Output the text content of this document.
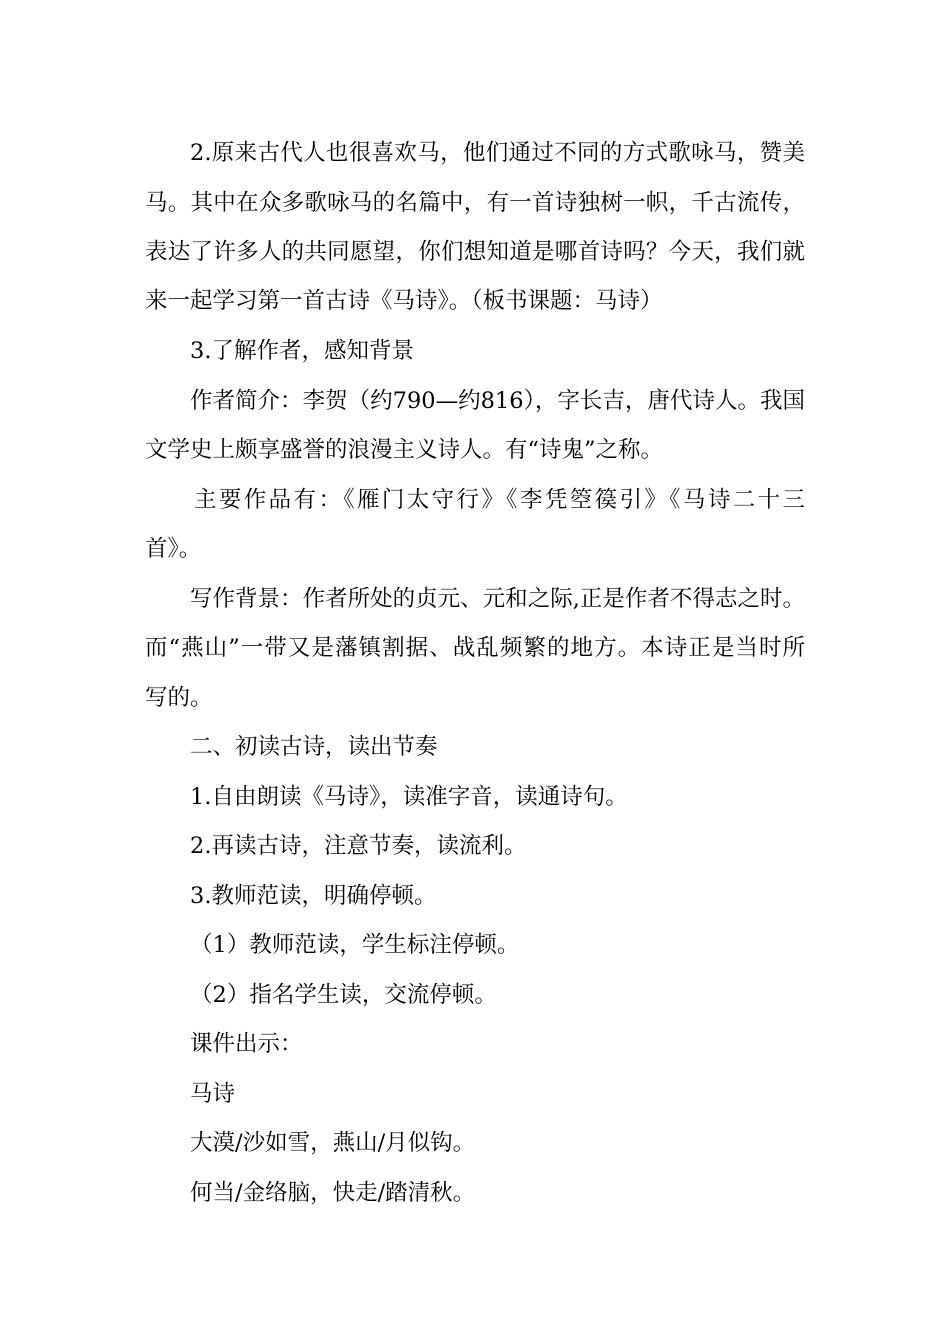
2.原来古代人也很喜欢马，他们通过不同的方式歌咏马，赞美
马。其中在众多歌咏马的名篇中，有一首诗独树一帜，千古流传，
表达了许多人的共同愿望，你们想知道是哪首诗吗？今天，我们就
来一起学习第一首古诗《马诗》。（板书课题：马诗）
3.了解作者，感知背景
作者简介：李贺（约790—约816），字长吉，唐代诗人。我国
文学史上颇享盛誉的浪漫主义诗人。有“诗鬼”之称。
主要作品有：《雁门太守行》《李凭箜篌引》《马诗二十三
首》。
写作背景：作者所处的贞元、元和之际,正是作者不得志之时。
而“燕山”一带又是藩镇割据、战乱频繁的地方。本诗正是当时所
写的。
二、初读古诗，读出节奏
1.自由朗读《马诗》，读准字音，读通诗句。
2.再读古诗，注意节奏，读流利。
3.教师范读，明确停顿。
（1）教师范读，学生标注停顿。
（2）指名学生读，交流停顿。
课件出示：
马诗
大漠/沙如雪，燕山/月似钩。
何当/金络脑，快走/踏清秋。
